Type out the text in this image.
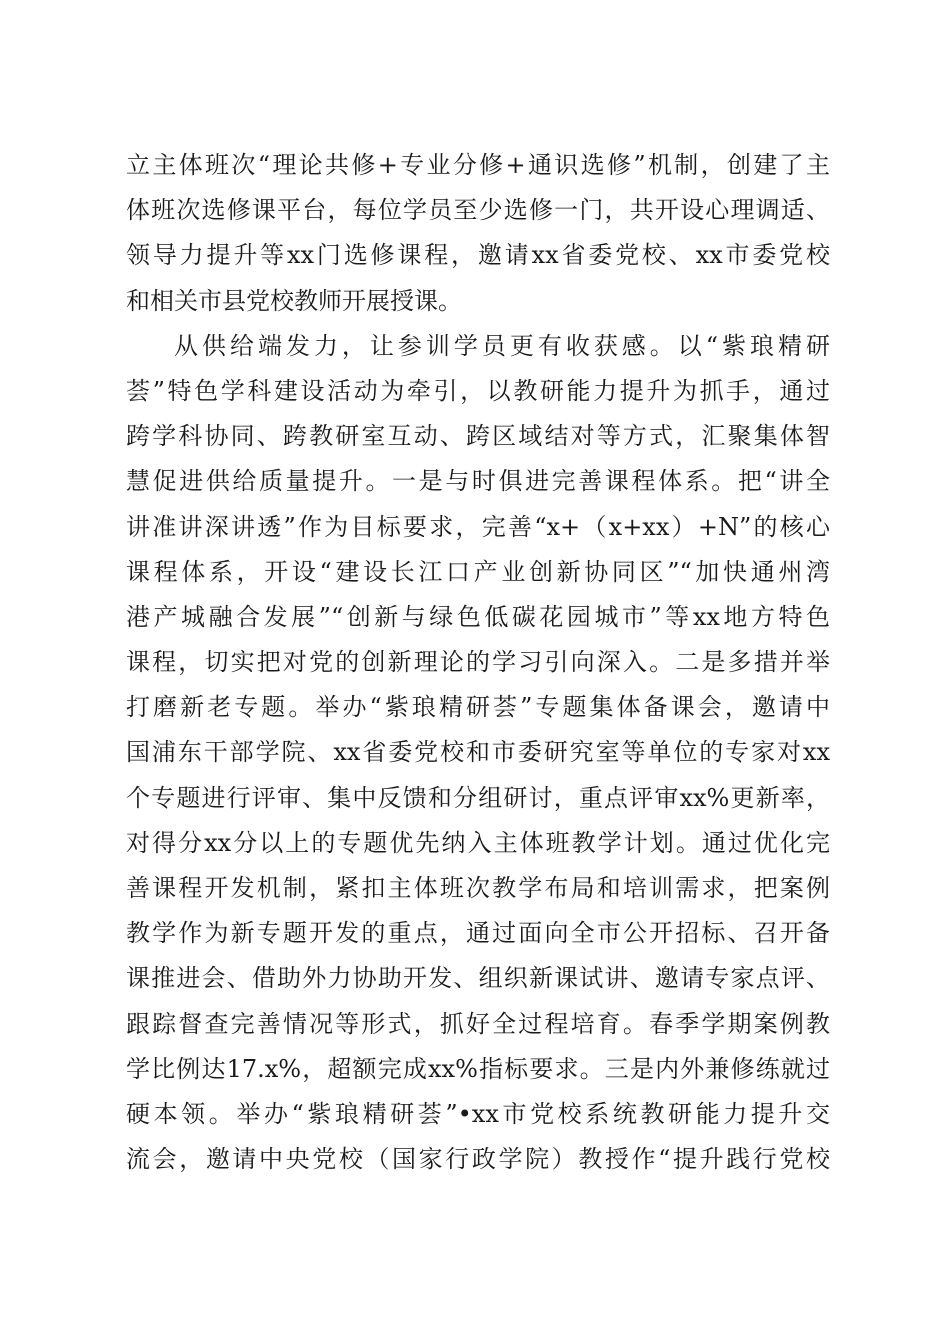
立主体班次“理论共修+专业分修+通识选修”机制，创建了主
体班次选修课平台，每位学员至少选修一门，共开设心理调适、
领导力提升等xx门选修课程，邀请xx省委党校、xx市委党校
和相关市县党校教师开展授课。
从供给端发力，让参训学员更有收获感。以“紫琅精研
荟”特色学科建设活动为牵引，以教研能力提升为抓手，通过
跨学科协同、跨教研室互动、跨区域结对等方式，汇聚集体智
慧促进供给质量提升。一是与时俱进完善课程体系。把“讲全
讲准讲深讲透”作为目标要求，完善“x+（x+xx）+N”的核心
课程体系，开设“建设长江口产业创新协同区”“加快通州湾
港产城融合发展”“创新与绿色低碳花园城市”等xx地方特色
课程，切实把对党的创新理论的学习引向深入。二是多措并举
打磨新老专题。举办“紫琅精研荟”专题集体备课会，邀请中
国浦东干部学院、xx省委党校和市委研究室等单位的专家对xx
个专题进行评审、集中反馈和分组研讨，重点评审xx%更新率，
对得分xx分以上的专题优先纳入主体班教学计划。通过优化完
善课程开发机制，紧扣主体班次教学布局和培训需求，把案例
教学作为新专题开发的重点，通过面向全市公开招标、召开备
课推进会、借助外力协助开发、组织新课试讲、邀请专家点评、
跟踪督查完善情况等形式，抓好全过程培育。春季学期案例教
学比例达17.x%，超额完成xx%指标要求。三是内外兼修练就过
硬本领。举办“紫琅精研荟”•xx市党校系统教研能力提升交
流会，邀请中央党校（国家行政学院）教授作“提升践行党校
